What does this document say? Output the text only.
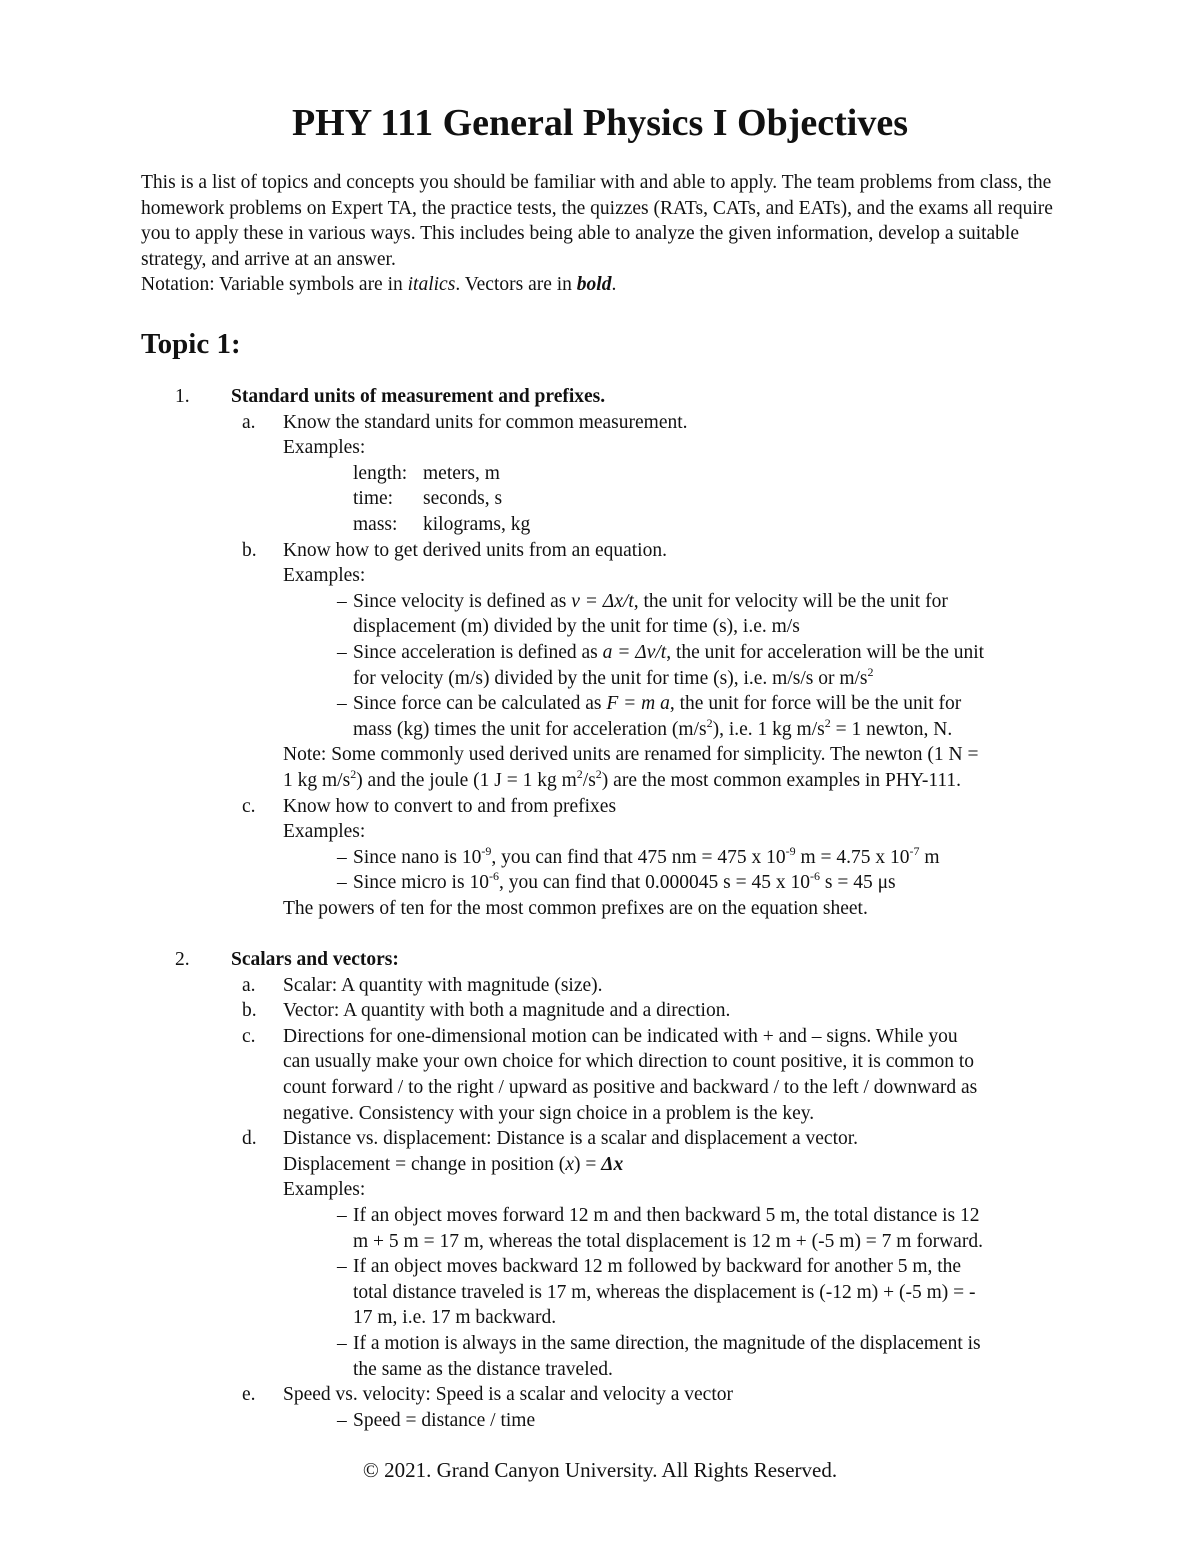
PHY 111 General Physics I Objectives

This is a list of topics and concepts you should be familiar with and able to apply. The team problems from class, the homework problems on Expert TA, the practice tests, the quizzes (RATs, CATs, and EATs), and the exams all require you to apply these in various ways. This includes being able to analyze the given information, develop a suitable strategy, and arrive at an answer.

Notation: Variable symbols are in italics. Vectors are in bold.

Topic 1:
1.	Standard units of measurement and prefixes.
a.	Know the standard units for common measurement.
Examples:
length: meters, m
time: seconds, s
mass: kilograms, kg
b.	Know how to get derived units from an equation.
Examples:
– Since velocity is defined as v = Δx/t, the unit for velocity will be the unit for
displacement (m) divided by the unit for time (s), i.e. m/s
– Since acceleration is defined as a = Δv/t, the unit for acceleration will be the unit
for velocity (m/s) divided by the unit for time (s), i.e. m/s/s or $m/s^2$
– Since force can be calculated as F = m a, the unit for force will be the unit for
mass (kg) times the unit for acceleration $(m/s^2)$, i.e. 1 kg $m/s^2 = 1$ newton, N.
Note: Some commonly used derived units are renamed for simplicity. The newton (1 N =
1 kg $m/s^2$) and the joule (1 J = 1 kg $m^2/s^2$) are the most common examples in PHY-111.
c.	Know how to convert to and from prefixes
Examples:
– Since nano is $10^{-9}$, you can find that 475 nm = 475 x $10^{-9}$ m = 4.75 x $10^{-7}$ m
– Since micro is $10^{-6}$, you can find that 0.000045 s = 45 x $10^{-6}$ s = 45 μs
The powers of ten for the most common prefixes are on the equation sheet.
2.	Scalars and vectors:
a.	Scalar: A quantity with magnitude (size).
b.	Vector: A quantity with both a magnitude and a direction.
c.	Directions for one-dimensional motion can be indicated with + and – signs. While you
can usually make your own choice for which direction to count positive, it is common to
count forward / to the right / upward as positive and backward / to the left / downward as
negative. Consistency with your sign choice in a problem is the key.
d.	Distance vs. displacement: Distance is a scalar and displacement a vector.
Displacement = change in position (x) = Δx
Examples:
– If an object moves forward 12 m and then backward 5 m, the total distance is 12
m + 5 m = 17 m, whereas the total displacement is 12 m + (-5 m) = 7 m forward.
– If an object moves backward 12 m followed by backward for another 5 m, the
total distance traveled is 17 m, whereas the displacement is (-12 m) + (-5 m) = -
17 m, i.e. 17 m backward.
– If a motion is always in the same direction, the magnitude of the displacement is
the same as the distance traveled.
e.	Speed vs. velocity: Speed is a scalar and velocity a vector
– Speed = distance / time
© 2021. Grand Canyon University. All Rights Reserved.
